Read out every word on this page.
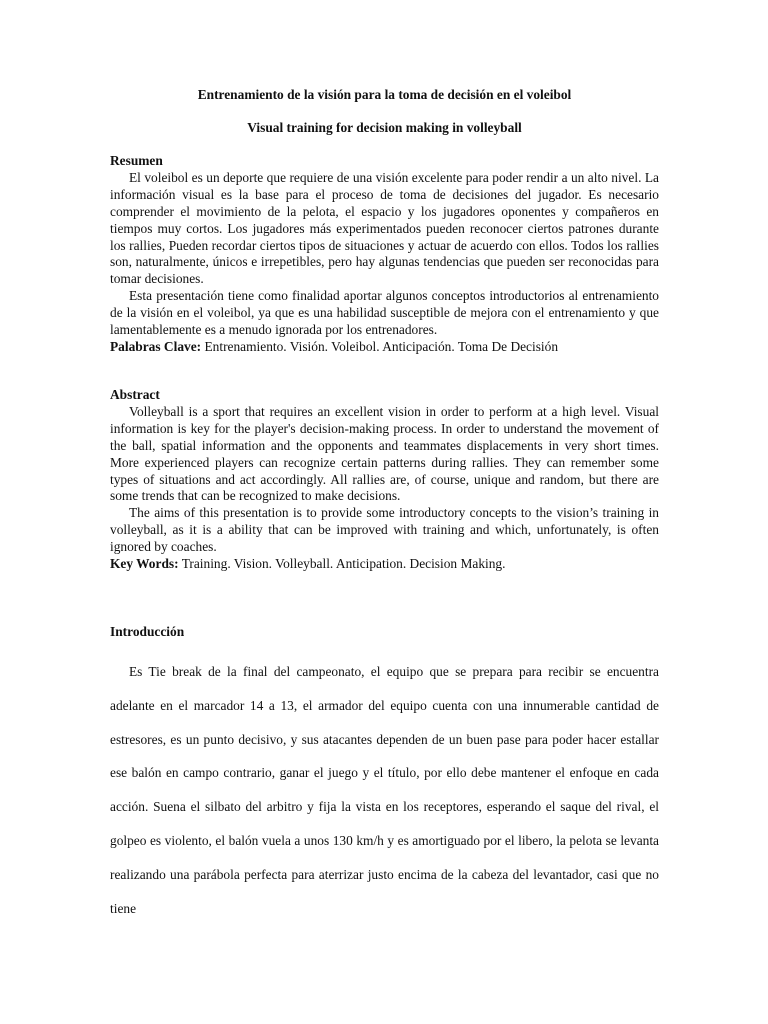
Entrenamiento de la visión para la toma de decisión en el voleibol
Visual training for decision making in volleyball
Resumen

El voleibol es un deporte que requiere de una visión excelente para poder rendir a un alto nivel. La información visual es la base para el proceso de toma de decisiones del jugador. Es necesario comprender el movimiento de la pelota, el espacio y los jugadores oponentes y compañeros en tiempos muy cortos. Los jugadores más experimentados pueden reconocer ciertos patrones durante los rallies, Pueden recordar ciertos tipos de situaciones y actuar de acuerdo con ellos. Todos los rallies son, naturalmente, únicos e irrepetibles, pero hay algunas tendencias que pueden ser reconocidas para tomar decisiones.

Esta presentación tiene como finalidad aportar algunos conceptos introductorios al entrenamiento de la visión en el voleibol, ya que es una habilidad susceptible de mejora con el entrenamiento y que lamentablemente es a menudo ignorada por los entrenadores.

Palabras Clave: Entrenamiento. Visión. Voleibol. Anticipación. Toma De Decisión

Abstract

Volleyball is a sport that requires an excellent vision in order to perform at a high level. Visual information is key for the player's decision-making process. In order to understand the movement of the ball, spatial information and the opponents and teammates displacements in very short times. More experienced players can recognize certain patterns during rallies. They can remember some types of situations and act accordingly. All rallies are, of course, unique and random, but there are some trends that can be recognized to make decisions.

The aims of this presentation is to provide some introductory concepts to the vision’s training in volleyball, as it is a ability that can be improved with training and which, unfortunately, is often ignored by coaches.

Key Words: Training. Vision. Volleyball. Anticipation. Decision Making.

Introducción

Es Tie break de la final del campeonato, el equipo que se prepara para recibir se encuentra adelante en el marcador 14 a 13, el armador del equipo cuenta con una innumerable cantidad de estresores, es un punto decisivo, y sus atacantes dependen de un buen pase para poder hacer estallar ese balón en campo contrario, ganar el juego y el título, por ello debe mantener el enfoque en cada acción. Suena el silbato del arbitro y fija la vista en los receptores, esperando el saque del rival, el golpeo es violento, el balón vuela a unos 130 km/h y es amortiguado por el libero, la pelota se levanta realizando una parábola perfecta para aterrizar justo encima de la cabeza del levantador, casi que no tiene
